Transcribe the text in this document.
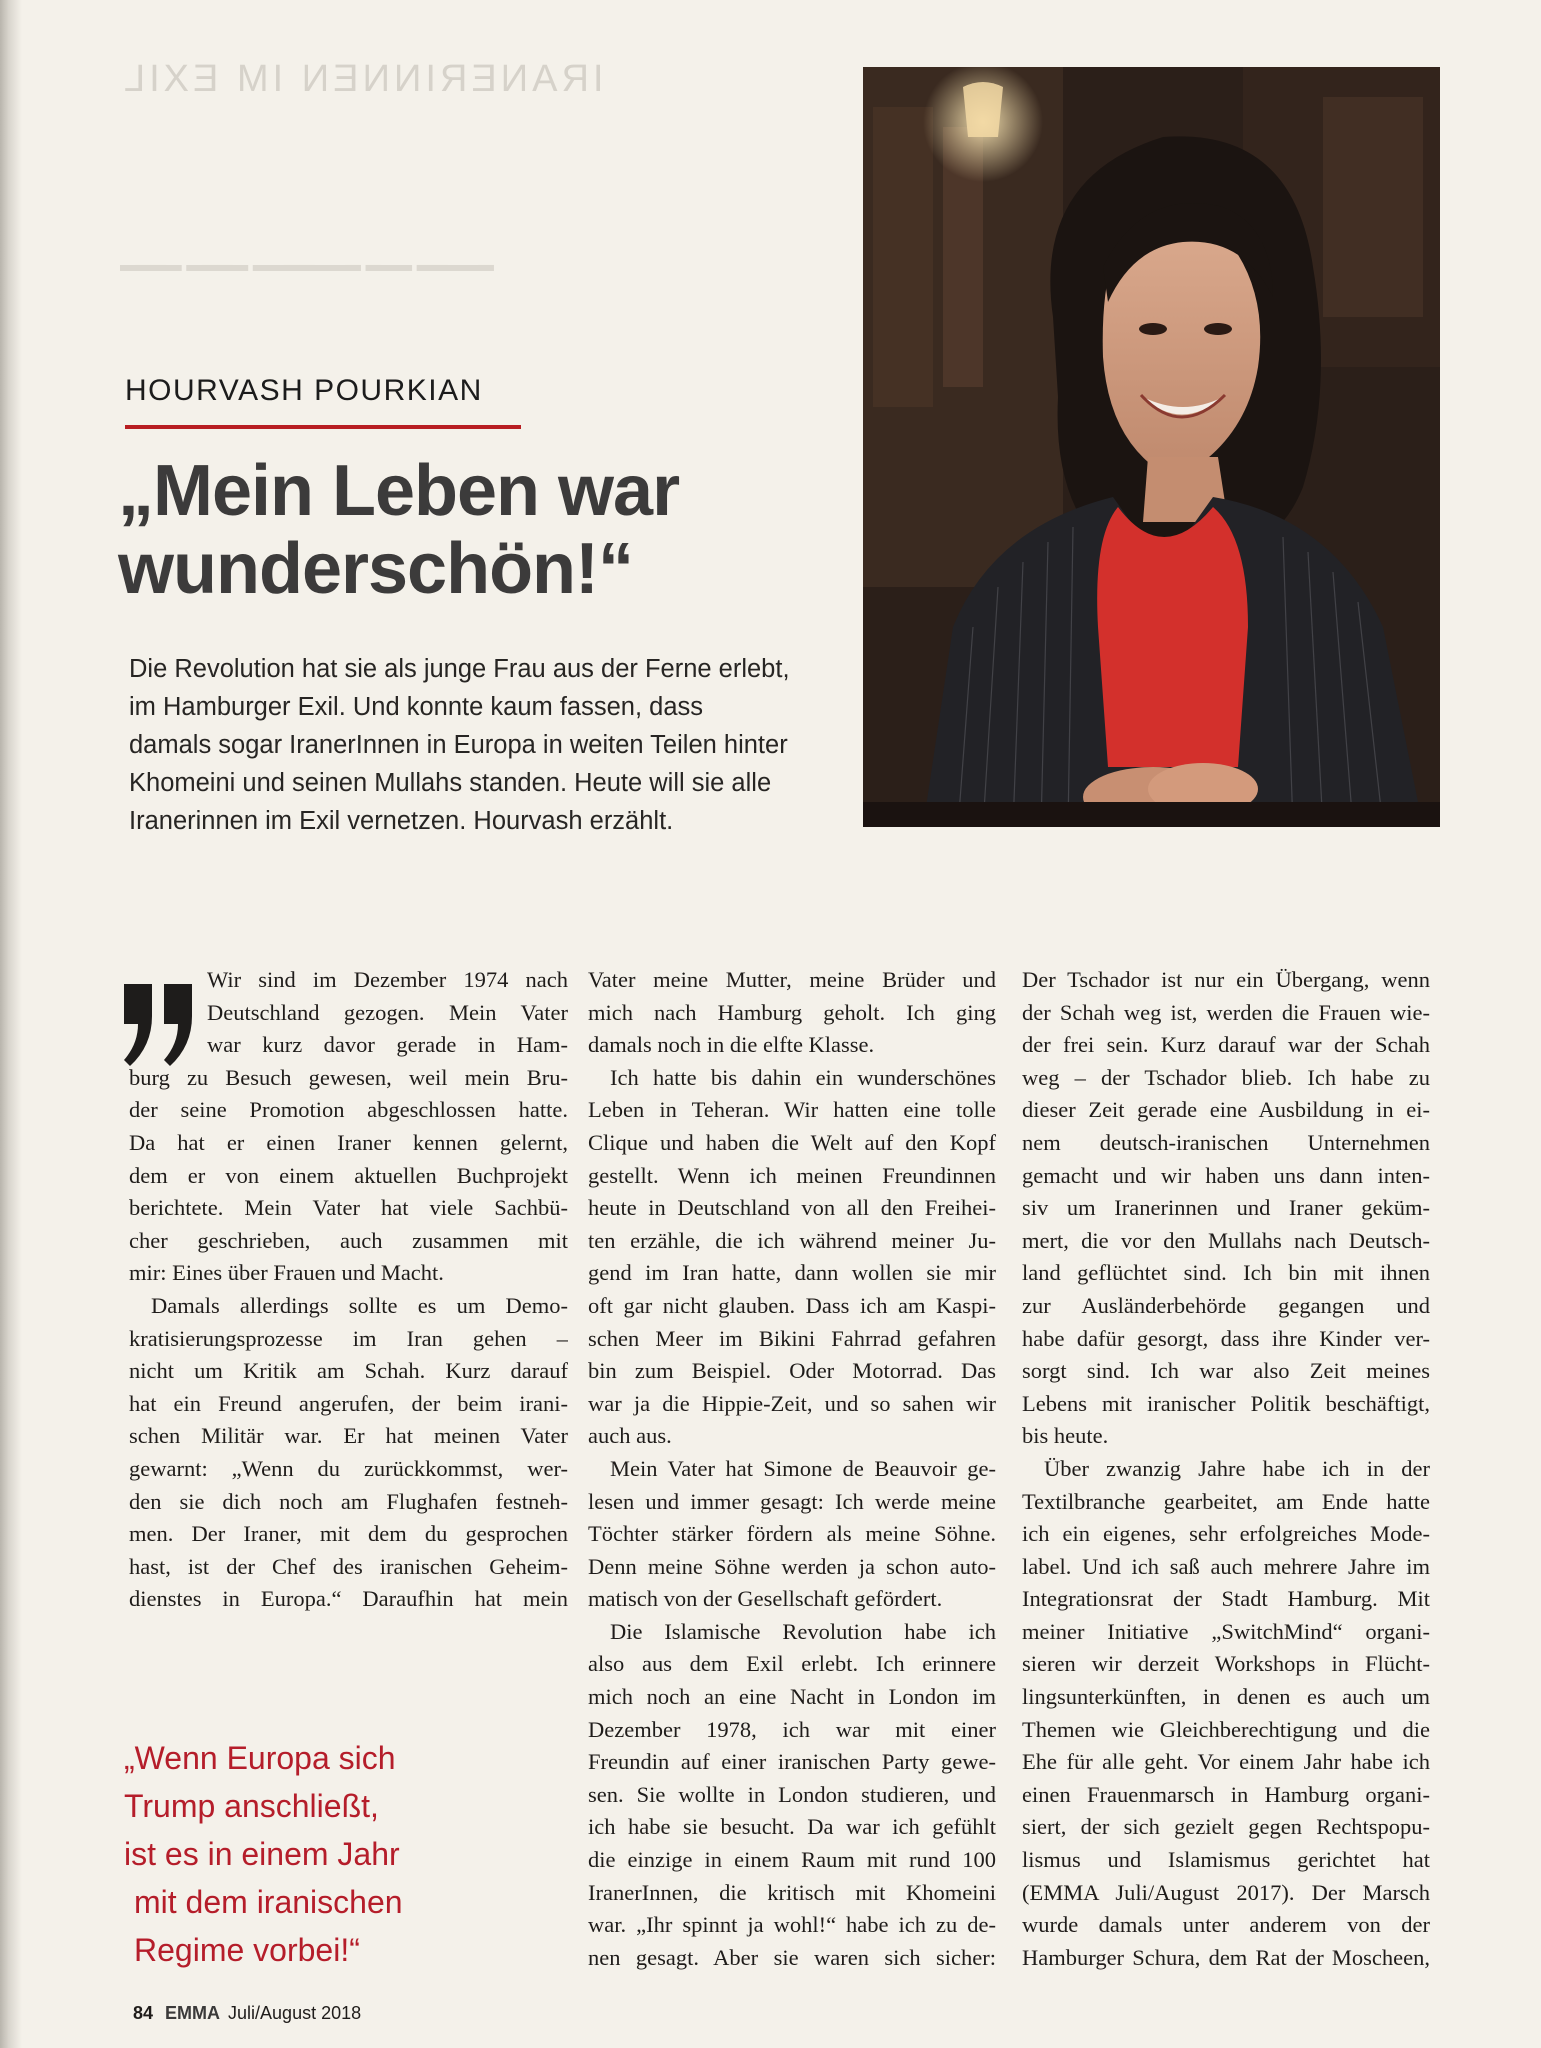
IRANERINNEN IM EXIL

▂▂▂▂▂ ▂▂▂ ▂▂▂▂▂▂▂ ▂▂▂▂ ▂▂▂▂

HOURVASH POURKIAN
„Mein Leben war
wunderschön!“
Die Revolution hat sie als junge Frau aus der Ferne erlebt,
im Hamburger Exil. Und konnte kaum fassen, dass
damals sogar IranerInnen in Europa in weiten Teilen hinter
Khomeini und seinen Mullahs standen. Heute will sie alle
Iranerinnen im Exil vernetzen. Hourvash erzählt.
Wir sind im Dezember 1974 nach
Deutschland gezogen. Mein Vater
war kurz davor gerade in Ham-
burg zu Besuch gewesen, weil mein Bru-
der seine Promotion abgeschlossen hatte.
Da hat er einen Iraner kennen gelernt,
dem er von einem aktuellen Buchprojekt
berichtete. Mein Vater hat viele Sachbü-
cher geschrieben, auch zusammen mit
mir: Eines über Frauen und Macht.
Damals allerdings sollte es um Demo-
kratisierungsprozesse im Iran gehen –
nicht um Kritik am Schah. Kurz darauf
hat ein Freund angerufen, der beim irani-
schen Militär war. Er hat meinen Vater
gewarnt: „Wenn du zurückkommst, wer-
den sie dich noch am Flughafen festneh-
men. Der Iraner, mit dem du gesprochen
hast, ist der Chef des iranischen Geheim-
dienstes in Europa.“ Daraufhin hat mein
„Wenn Europa sich
Trump anschließt,
ist es in einem Jahr
mit dem iranischen
Regime vorbei!“
Vater meine Mutter, meine Brüder und
mich nach Hamburg geholt. Ich ging
damals noch in die elfte Klasse.
Ich hatte bis dahin ein wunderschönes
Leben in Teheran. Wir hatten eine tolle
Clique und haben die Welt auf den Kopf
gestellt. Wenn ich meinen Freundinnen
heute in Deutschland von all den Freihei-
ten erzähle, die ich während meiner Ju-
gend im Iran hatte, dann wollen sie mir
oft gar nicht glauben. Dass ich am Kaspi-
schen Meer im Bikini Fahrrad gefahren
bin zum Beispiel. Oder Motorrad. Das
war ja die Hippie-Zeit, und so sahen wir
auch aus.
Mein Vater hat Simone de Beauvoir ge-
lesen und immer gesagt: Ich werde meine
Töchter stärker fördern als meine Söhne.
Denn meine Söhne werden ja schon auto-
matisch von der Gesellschaft gefördert.
Die Islamische Revolution habe ich
also aus dem Exil erlebt. Ich erinnere
mich noch an eine Nacht in London im
Dezember 1978, ich war mit einer
Freundin auf einer iranischen Party gewe-
sen. Sie wollte in London studieren, und
ich habe sie besucht. Da war ich gefühlt
die einzige in einem Raum mit rund 100
IranerInnen, die kritisch mit Khomeini
war. „Ihr spinnt ja wohl!“ habe ich zu de-
nen gesagt. Aber sie waren sich sicher:
Der Tschador ist nur ein Übergang, wenn
der Schah weg ist, werden die Frauen wie-
der frei sein. Kurz darauf war der Schah
weg – der Tschador blieb. Ich habe zu
dieser Zeit gerade eine Ausbildung in ei-
nem deutsch-iranischen Unternehmen
gemacht und wir haben uns dann inten-
siv um Iranerinnen und Iraner geküm-
mert, die vor den Mullahs nach Deutsch-
land geflüchtet sind. Ich bin mit ihnen
zur Ausländerbehörde gegangen und
habe dafür gesorgt, dass ihre Kinder ver-
sorgt sind. Ich war also Zeit meines
Lebens mit iranischer Politik beschäftigt,
bis heute.
Über zwanzig Jahre habe ich in der
Textilbranche gearbeitet, am Ende hatte
ich ein eigenes, sehr erfolgreiches Mode-
label. Und ich saß auch mehrere Jahre im
Integrationsrat der Stadt Hamburg. Mit
meiner Initiative „SwitchMind“ organi-
sieren wir derzeit Workshops in Flücht-
lingsunterkünften, in denen es auch um
Themen wie Gleichberechtigung und die
Ehe für alle geht. Vor einem Jahr habe ich
einen Frauenmarsch in Hamburg organi-
siert, der sich gezielt gegen Rechtspopu-
lismus und Islamismus gerichtet hat
(EMMA Juli/August 2017). Der Marsch
wurde damals unter anderem von der
Hamburger Schura, dem Rat der Moscheen,
84 EMMA Juli/August 2018
